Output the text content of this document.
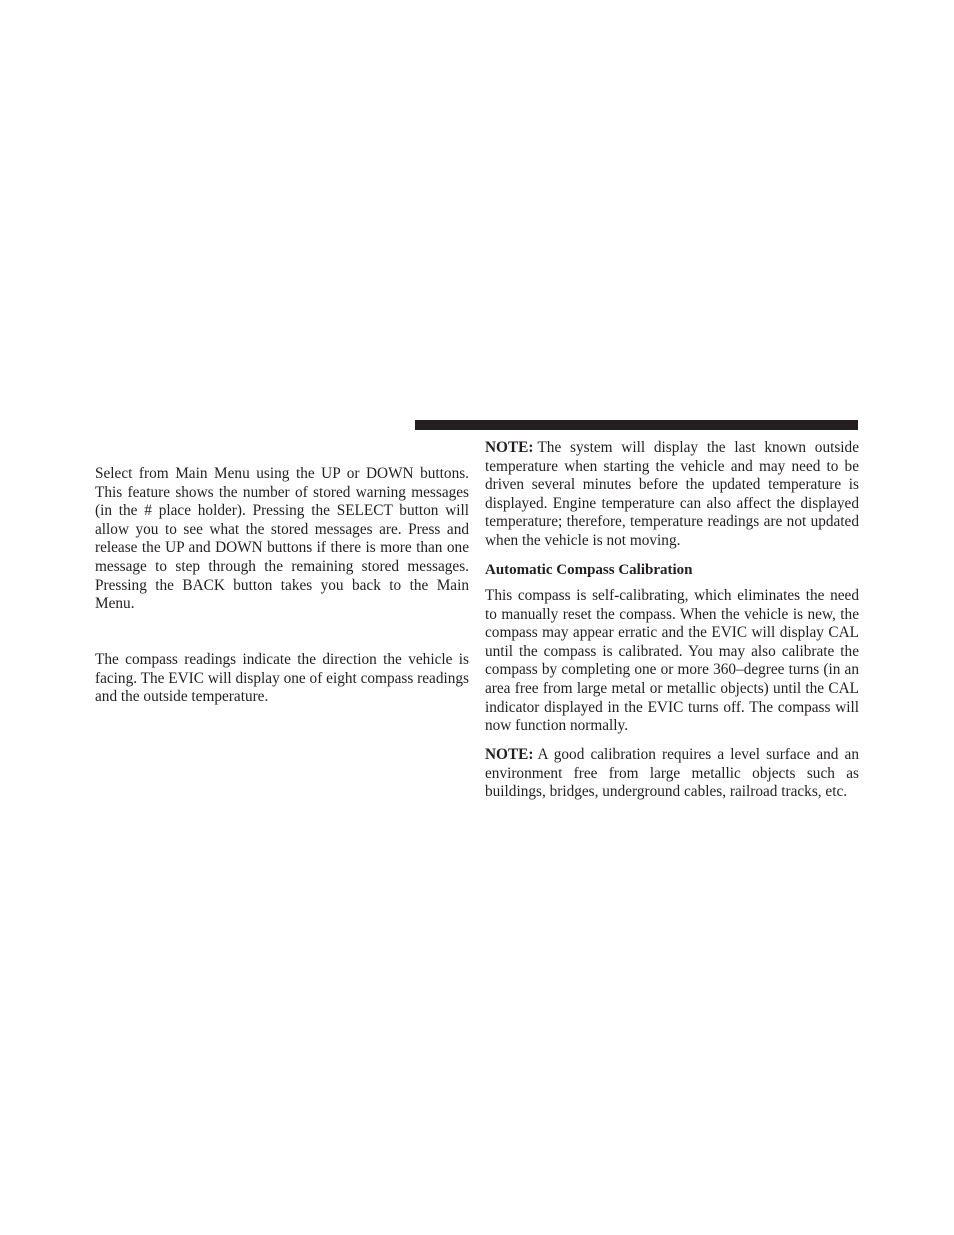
Select from Main Menu using the UP or DOWN buttons. This feature shows the number of stored warning messages (in the # place holder). Pressing the SELECT button will allow you to see what the stored messages are. Press and release the UP and DOWN buttons if there is more than one message to step through the remaining stored messages. Pressing the BACK button takes you back to the Main Menu.

The compass readings indicate the direction the vehicle is facing. The EVIC will display one of eight compass readings and the outside temperature.

NOTE: The system will display the last known outside temperature when starting the vehicle and may need to be driven several minutes before the updated temperature is displayed. Engine temperature can also affect the displayed temperature; therefore, temperature readings are not updated when the vehicle is not moving.

Automatic Compass Calibration

This compass is self-calibrating, which eliminates the need to manually reset the compass. When the vehicle is new, the compass may appear erratic and the EVIC will display CAL until the compass is calibrated. You may also calibrate the compass by completing one or more 360–degree turns (in an area free from large metal or metallic objects) until the CAL indicator displayed in the EVIC turns off. The compass will now function normally.

NOTE: A good calibration requires a level surface and an environment free from large metallic objects such as buildings, bridges, underground cables, railroad tracks, etc.
